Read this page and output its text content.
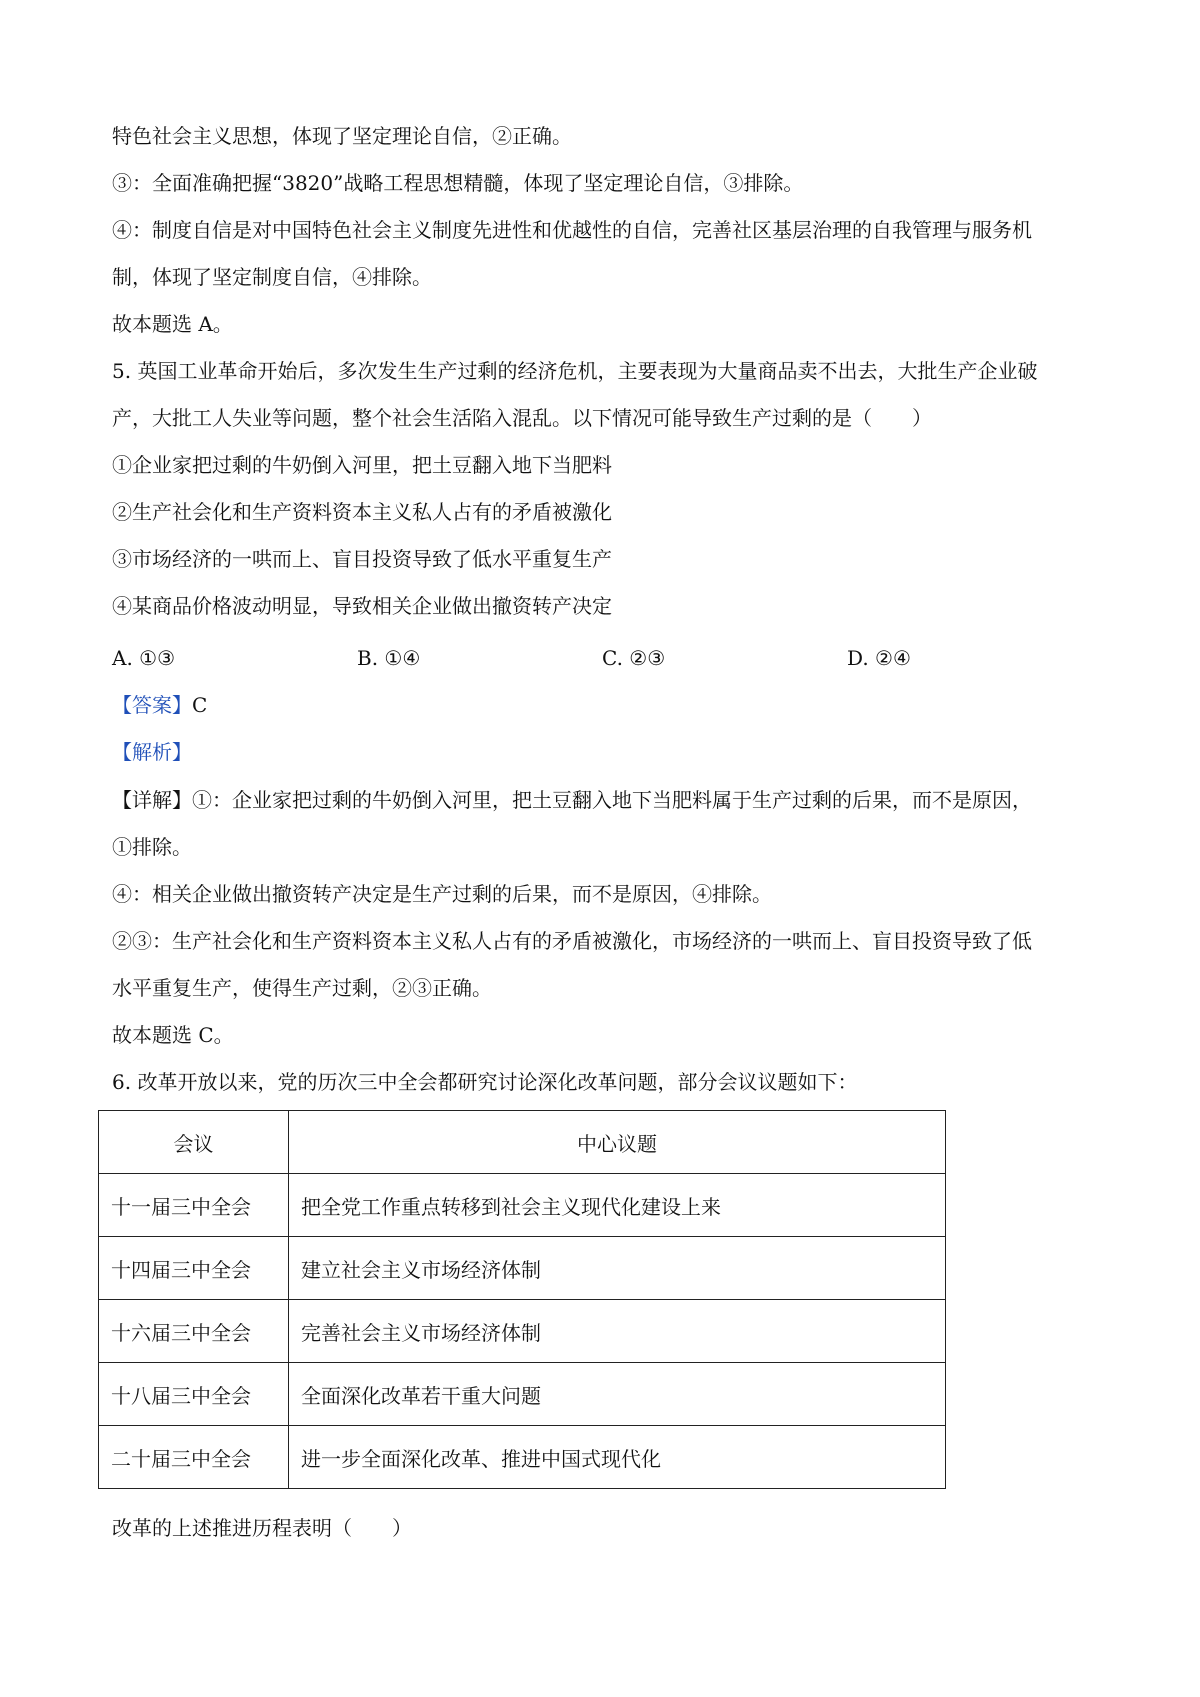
特色社会主义思想，体现了坚定理论自信，②正确。

③：全面准确把握“3820”战略工程思想精髓，体现了坚定理论自信，③排除。

④：制度自信是对中国特色社会主义制度先进性和优越性的自信，完善社区基层治理的自我管理与服务机

制，体现了坚定制度自信，④排除。

故本题选 A。

5. 英国工业革命开始后，多次发生生产过剩的经济危机，主要表现为大量商品卖不出去，大批生产企业破

产，大批工人失业等问题，整个社会生活陷入混乱。以下情况可能导致生产过剩的是（　　）

①企业家把过剩的牛奶倒入河里，把土豆翻入地下当肥料

②生产社会化和生产资料资本主义私人占有的矛盾被激化

③市场经济的一哄而上、盲目投资导致了低水平重复生产

④某商品价格波动明显，导致相关企业做出撤资转产决定

A. ①③	B. ①④	C. ②③	D. ②④

【答案】C

【解析】

【详解】①：企业家把过剩的牛奶倒入河里，把土豆翻入地下当肥料属于生产过剩的后果，而不是原因，

①排除。

④：相关企业做出撤资转产决定是生产过剩的后果，而不是原因，④排除。

②③：生产社会化和生产资料资本主义私人占有的矛盾被激化，市场经济的一哄而上、盲目投资导致了低

水平重复生产，使得生产过剩，②③正确。

故本题选 C。

6. 改革开放以来，党的历次三中全会都研究讨论深化改革问题，部分会议议题如下：

会议	中心议题
十一届三中全会	把全党工作重点转移到社会主义现代化建设上来
十四届三中全会	建立社会主义市场经济体制
十六届三中全会	完善社会主义市场经济体制
十八届三中全会	全面深化改革若干重大问题
二十届三中全会	进一步全面深化改革、推进中国式现代化

改革的上述推进历程表明（　　）
